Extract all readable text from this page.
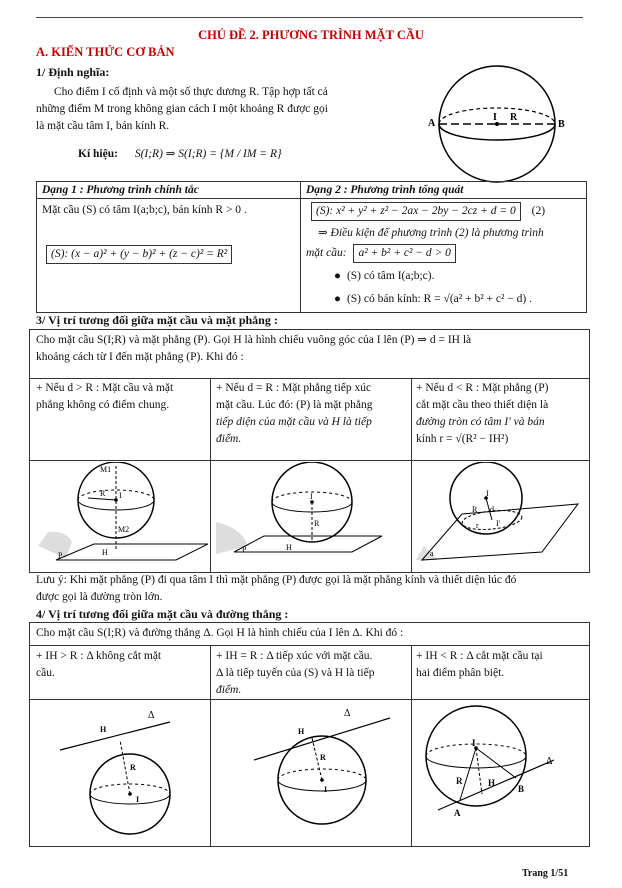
CHỦ ĐỀ 2. PHƯƠNG TRÌNH MẶT CẦU
A. KIẾN THỨC CƠ BẢN
1/ Định nghĩa:
Cho điểm I cố định và một số thực dương R. Tập hợp tất cả
những điểm M trong không gian cách I một khoảng R được gọi
là mặt cầu tâm I, bán kính R.
Kí hiệu: S(I;R) ⇒ S(I;R) = {M / IM = R}
A	B
I R
Dạng 1 : Phương trình chính tắc
Mặt cầu (S) có tâm I(a;b;c), bán kính R > 0 .
(S): (x − a)² + (y − b)² + (z − c)² = R²
Dạng 2 : Phương trình tổng quát
(S): x² + y² + z² − 2ax − 2by − 2cz + d = 0 (2)
⇒ Điều kiện để phương trình (2) là phương trình
mặt cầu: a² + b² + c² − d > 0
● (S) có tâm I(a;b;c).
● (S) có bán kính: R = √(a² + b² + c² − d) .
3/ Vị trí tương đối giữa mặt cầu và mặt phẳng :
Cho mặt cầu S(I;R) và mặt phẳng (P). Gọi H là hình chiếu vuông góc của I lên (P) ⇒ d = IH là
khoảng cách từ I đến mặt phẳng (P). Khi đó :
+ Nếu d > R : Mặt cầu và mặt
phẳng không có điểm chung.
+ Nếu d = R : Mặt phẳng tiếp xúc
mặt cầu. Lúc đó: (P) là mặt phẳng
tiếp diện của mặt cầu và H là tiếp
điểm.
+ Nếu d < R : Mặt phẳng (P)
cắt mặt cầu theo thiết diện là
đường tròn có tâm I' và bán
kính r = √(R² − IH²)
M1
M2
R I
H
P
I
R
H
P
I
R d
I'
r
a
Lưu ý: Khi mặt phẳng (P) đi qua tâm I thì mặt phẳng (P) được gọi là mặt phẳng kính và thiết diện lúc đó
được gọi là đường tròn lớn.
4/ Vị trí tương đối giữa mặt cầu và đường thẳng :
Cho mặt cầu S(I;R) và đường thẳng Δ. Gọi H là hình chiếu của I lên Δ. Khi đó :
+ IH > R : Δ không cắt mặt
cầu.
+ IH = R : Δ tiếp xúc với mặt cầu.
Δ là tiếp tuyến của (S) và H là tiếp
điểm.
+ IH < R : Δ cắt mặt cầu tại
hai điểm phân biệt.
H
Δ
R
I
H
Δ
R
I
I
R	H
A
B
Δ
Trang 1/51
